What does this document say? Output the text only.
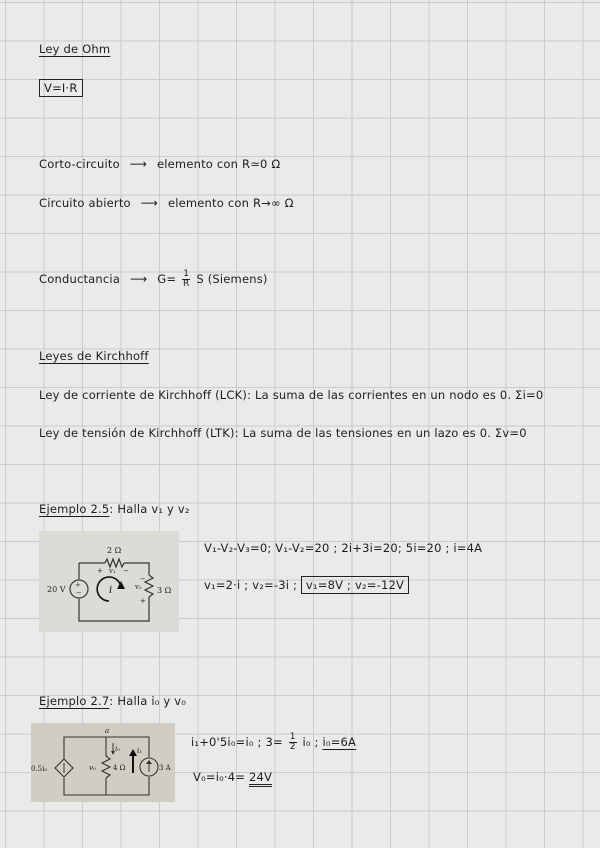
Ley de Ohm
V=I·R
Corto-circuito ⟶ elemento con R≃0 Ω
Circuito abierto ⟶ elemento con R→∞ Ω
Conductancia ⟶ $G= \frac{1}{R}$ S (Siemens)
Leyes de Kirchhoff
Ley de corriente de Kirchhoff (LCK): La suma de las corrientes en un nodo es 0. Σi=0
Ley de tensión de Kirchhoff (LTK): La suma de las tensiones en un lazo es 0. Σv=0
Ejemplo 2.5: Halla v₁ y v₂
+
−
2 Ω
+ v₁ −
20 V	3 Ω
−
v₂
+
i
V₁-V₂-V₃=0; V₁-V₂=20 ; 2i+3i=20; 5i=20 ; i=4A
v₁=2·i ; v₂=-3i ; v₁=8V ; v₂=-12V
Ejemplo 2.7: Halla i₀ y v₀
a
i₀ i₁
0.5i₀	v₀ 4 Ω	3 A
i₁+0'5i₀=i₀ ; $3= \frac{1}{2} i_0$ ; i₀=6A
V₀=i₀·4= 24V
